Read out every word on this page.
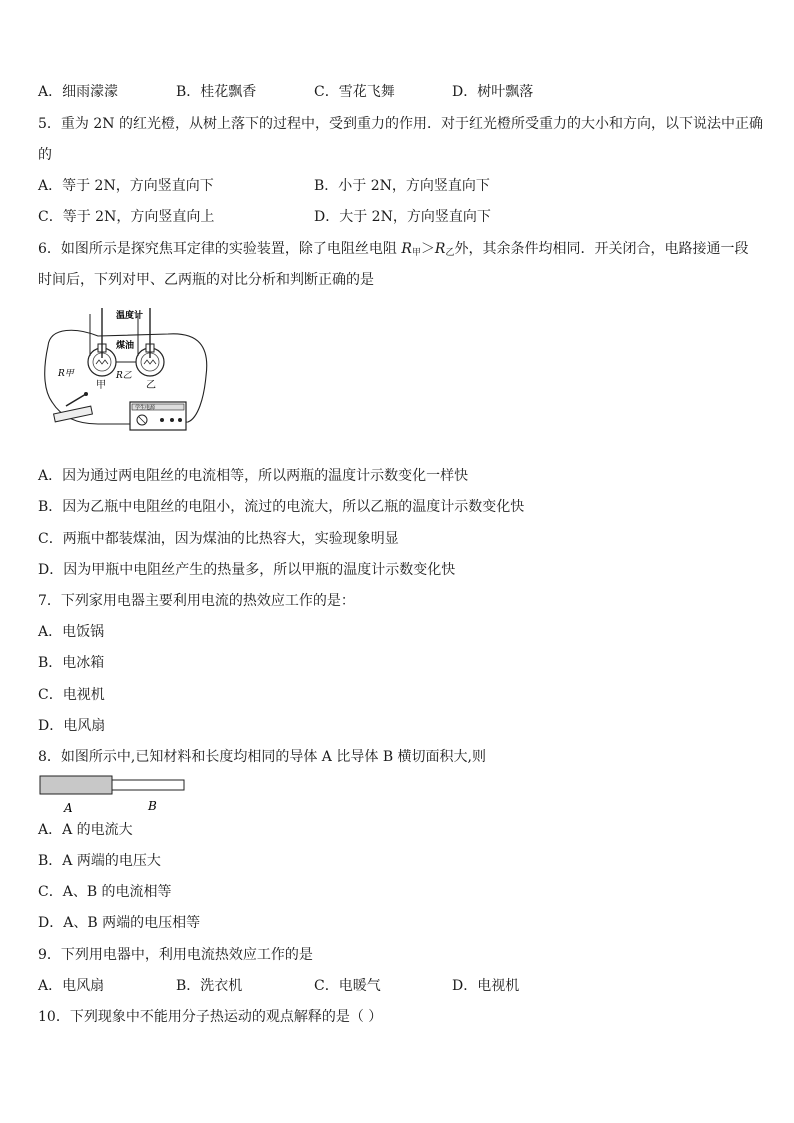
A．细雨濛濛	B．桂花飘香	C．雪花飞舞	D．树叶飘落
5．重为 2N 的红光橙，从树上落下的过程中，受到重力的作用．对于红光橙所受重力的大小和方向，以下说法中正确
的
A．等于 2N，方向竖直向下	B．小于 2N，方向竖直向下
C．等于 2N，方向竖直向上	D．大于 2N，方向竖直向下
6．如图所示是探究焦耳定律的实验装置，除了电阻丝电阻 $R_甲>R_乙$外，其余条件均相同．开关闭合，电路接通一段
时间后，下列对甲、乙两瓶的对比分析和判断正确的是
温度计
煤油
R甲	R乙
甲	乙
学生电源
A．因为通过两电阻丝的电流相等，所以两瓶的温度计示数变化一样快
B．因为乙瓶中电阻丝的电阻小，流过的电流大，所以乙瓶的温度计示数变化快
C．两瓶中都装煤油，因为煤油的比热容大，实验现象明显
D．因为甲瓶中电阻丝产生的热量多，所以甲瓶的温度计示数变化快
7．下列家用电器主要利用电流的热效应工作的是：
A．电饭锅
B．电冰箱
C．电视机
D．电风扇
8．如图所示中,已知材料和长度均相同的导体 A 比导体 B 横切面积大,则
A	B
A．A 的电流大
B．A 两端的电压大
C．A、B 的电流相等
D．A、B 两端的电压相等
9．下列用电器中，利用电流热效应工作的是
A．电风扇	B．洗衣机	C．电暖气	D．电视机
10．下列现象中不能用分子热运动的观点解释的是（ ）
